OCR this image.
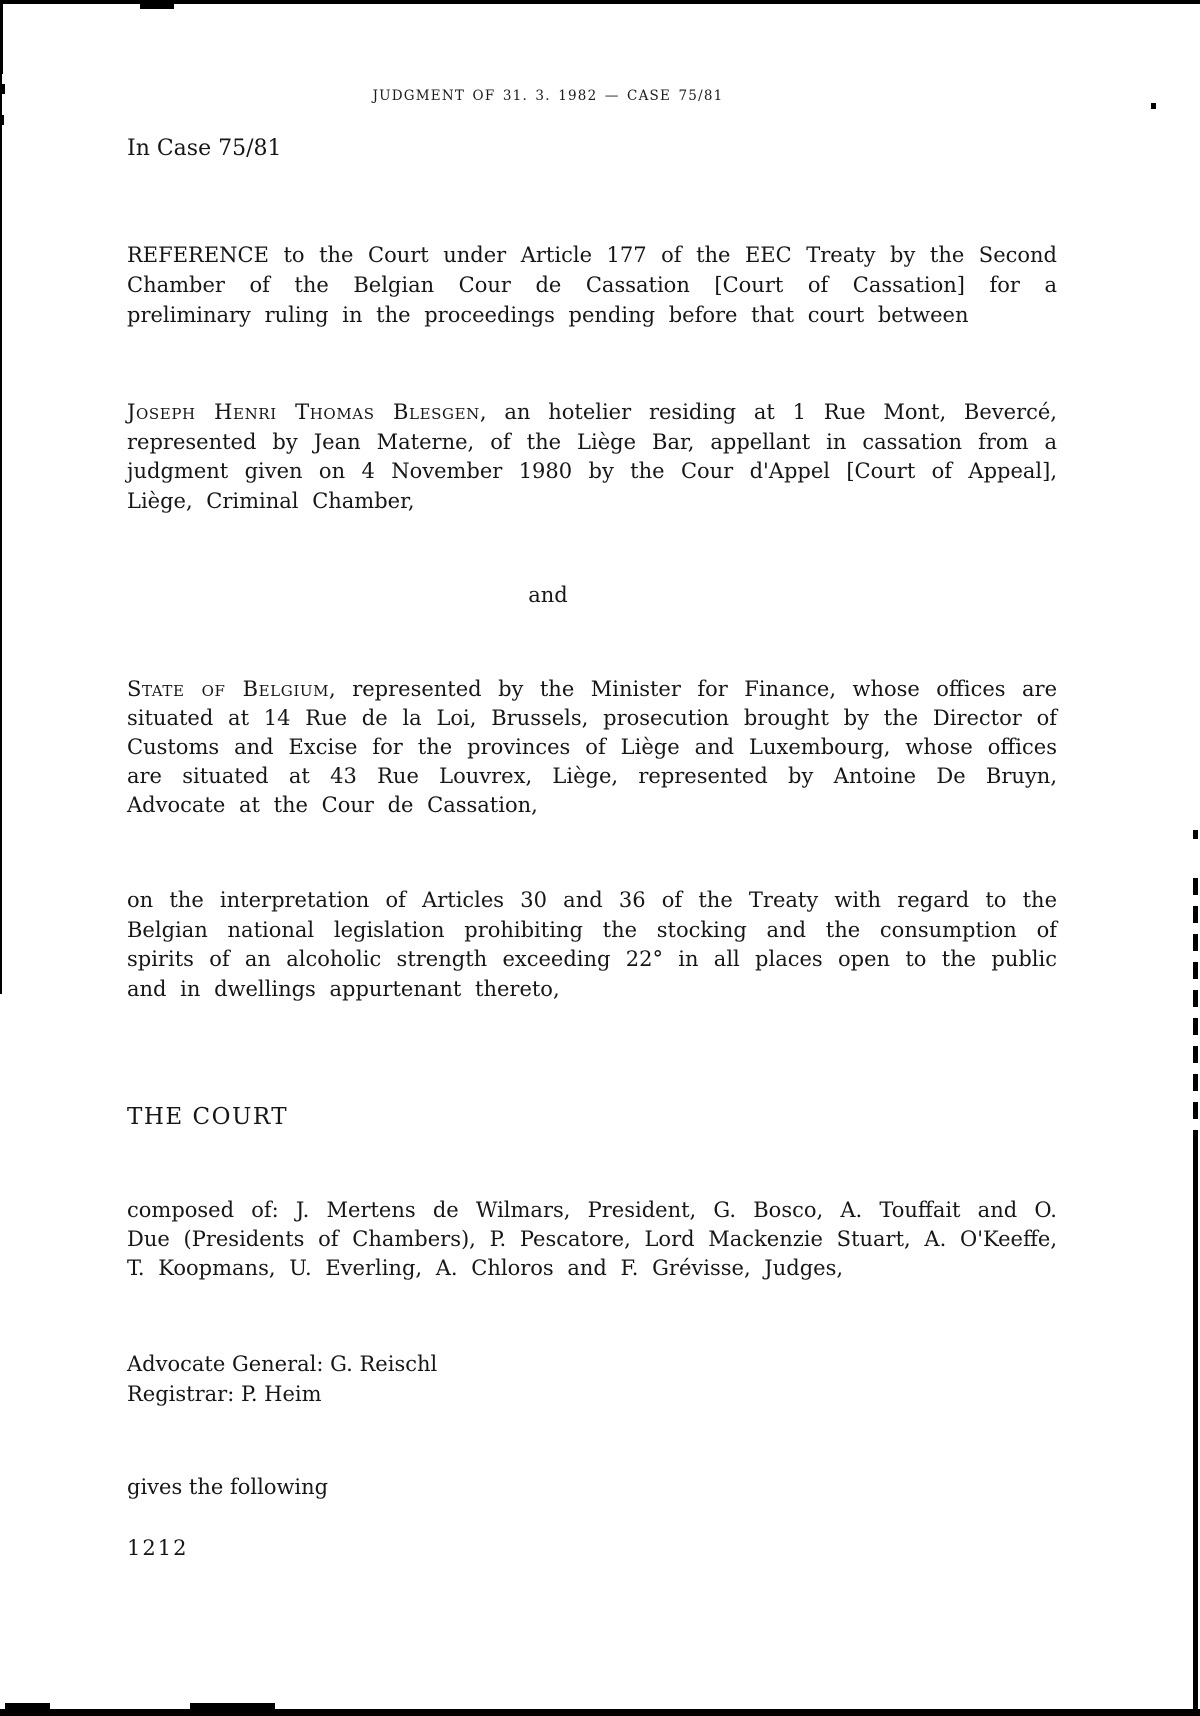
JUDGMENT OF 31. 3. 1982 — CASE 75/81
In Case 75/81

REFERENCE to the Court under Article 177 of the EEC Treaty by the Second Chamber of the Belgian Cour de Cassation [Court of Cassation] for a preliminary ruling in the proceedings pending before that court between

Joseph Henri Thomas Blesgen, an hotelier residing at 1 Rue Mont, Bevercé, represented by Jean Materne, of the Liège Bar, appellant in cassation from a judgment given on 4 November 1980 by the Cour d'Appel [Court of Appeal], Liège, Criminal Chamber,

and

State of Belgium, represented by the Minister for Finance, whose offices are situated at 14 Rue de la Loi, Brussels, prosecution brought by the Director of Customs and Excise for the provinces of Liège and Luxembourg, whose offices are situated at 43 Rue Louvrex, Liège, represented by Antoine De Bruyn, Advocate at the Cour de Cassation,

on the interpretation of Articles 30 and 36 of the Treaty with regard to the Belgian national legislation prohibiting the stocking and the consumption of spirits of an alcoholic strength exceeding 22° in all places open to the public and in dwellings appurtenant thereto,

THE COURT

composed of: J. Mertens de Wilmars, President, G. Bosco, A. Touffait and O. Due (Presidents of Chambers), P. Pescatore, Lord Mackenzie Stuart, A. O'Keeffe, T. Koopmans, U. Everling, A. Chloros and F. Grévisse, Judges,

Advocate General: G. Reischl
Registrar: P. Heim
gives the following
1212
